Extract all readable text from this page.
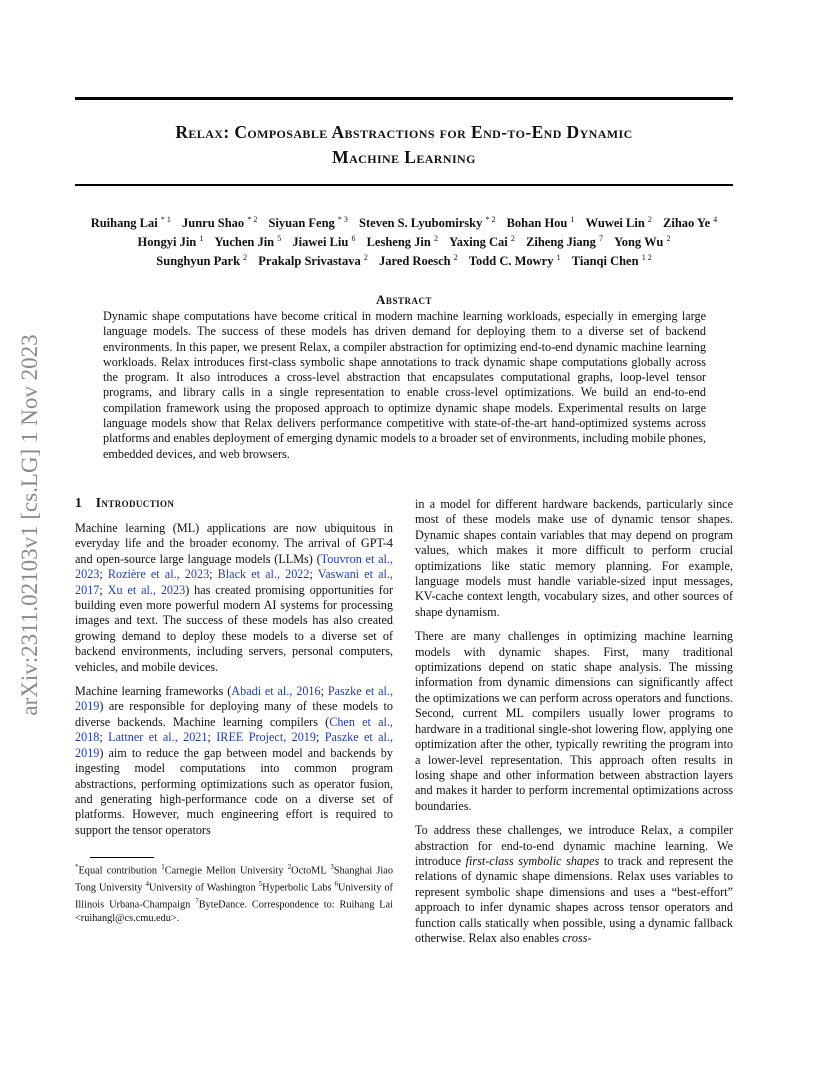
Relax: Composable Abstractions for End-to-End Dynamic
Machine Learning
Ruihang Lai $^{* 1}$ Junru Shao $^{* 2}$ Siyuan Feng $^{* 3}$ Steven S. Lyubomirsky $^{* 2}$ Bohan Hou $^1$ Wuwei Lin $^2$ Zihao Ye $^4$
Hongyi Jin $^1$ Yuchen Jin $^5$ Jiawei Liu $^6$ Lesheng Jin $^2$ Yaxing Cai $^2$ Ziheng Jiang $^7$ Yong Wu $^2$
Sunghyun Park $^2$ Prakalp Srivastava $^2$ Jared Roesch $^2$ Todd C. Mowry $^1$ Tianqi Chen $^{1 2}$
arXiv:2311.02103v1 [cs.LG] 1 Nov 2023
Abstract
Dynamic shape computations have become critical in modern machine learning workloads, especially in emerging large language models. The success of these models has driven demand for deploying them to a diverse set of backend environments. In this paper, we present Relax, a compiler abstraction for optimizing end-to-end dynamic machine learning workloads. Relax introduces first-class symbolic shape annotations to track dynamic shape computations globally across the program. It also introduces a cross-level abstraction that encapsulates computational graphs, loop-level tensor programs, and library calls in a single representation to enable cross-level optimizations. We build an end-to-end compilation framework using the proposed approach to optimize dynamic shape models. Experimental results on large language models show that Relax delivers performance competitive with state-of-the-art hand-optimized systems across platforms and enables deployment of emerging dynamic models to a broader set of environments, including mobile phones, embedded devices, and web browsers.
1 Introduction

Machine learning (ML) applications are now ubiquitous in everyday life and the broader economy. The arrival of GPT-4 and open-source large language models (LLMs) (Touvron et al., 2023; Rozière et al., 2023; Black et al., 2022; Vaswani et al., 2017; Xu et al., 2023) has created promising opportunities for building even more powerful modern AI systems for processing images and text. The success of these models has also created growing demand to deploy these models to a diverse set of backend environments, including servers, personal computers, vehicles, and mobile devices.

Machine learning frameworks (Abadi et al., 2016; Paszke et al., 2019) are responsible for deploying many of these models to diverse backends. Machine learning compilers (Chen et al., 2018; Lattner et al., 2021; IREE Project, 2019; Paszke et al., 2019) aim to reduce the gap between model and backends by ingesting model computations into common program abstractions, performing optimizations such as operator fusion, and generating high-performance code on a diverse set of platforms. However, much engineering effort is required to support the tensor operators

in a model for different hardware backends, particularly since most of these models make use of dynamic tensor shapes. Dynamic shapes contain variables that may depend on program values, which makes it more difficult to perform crucial optimizations like static memory planning. For example, language models must handle variable-sized input messages, KV-cache context length, vocabulary sizes, and other sources of shape dynamism.

There are many challenges in optimizing machine learning models with dynamic shapes. First, many traditional optimizations depend on static shape analysis. The missing information from dynamic dimensions can significantly affect the optimizations we can perform across operators and functions. Second, current ML compilers usually lower programs to hardware in a traditional single-shot lowering flow, applying one optimization after the other, typically rewriting the program into a lower-level representation. This approach often results in losing shape and other information between abstraction layers and makes it harder to perform incremental optimizations across boundaries.

To address these challenges, we introduce Relax, a compiler abstraction for end-to-end dynamic machine learning. We introduce first-class symbolic shapes to track and represent the relations of dynamic shape dimensions. Relax uses variables to represent symbolic shape dimensions and uses a “best-effort” approach to infer dynamic shapes across tensor operators and function calls statically when possible, using a dynamic fallback otherwise. Relax also enables cross-

*Equal contribution $^1$Carnegie Mellon University $^2$OctoML $^3$Shanghai Jiao Tong University $^4$University of Washington $^5$Hyperbolic Labs $^6$University of Illinois Urbana-Champaign $^7$ByteDance. Correspondence to: Ruihang Lai <ruihangl@cs.cmu.edu>.
